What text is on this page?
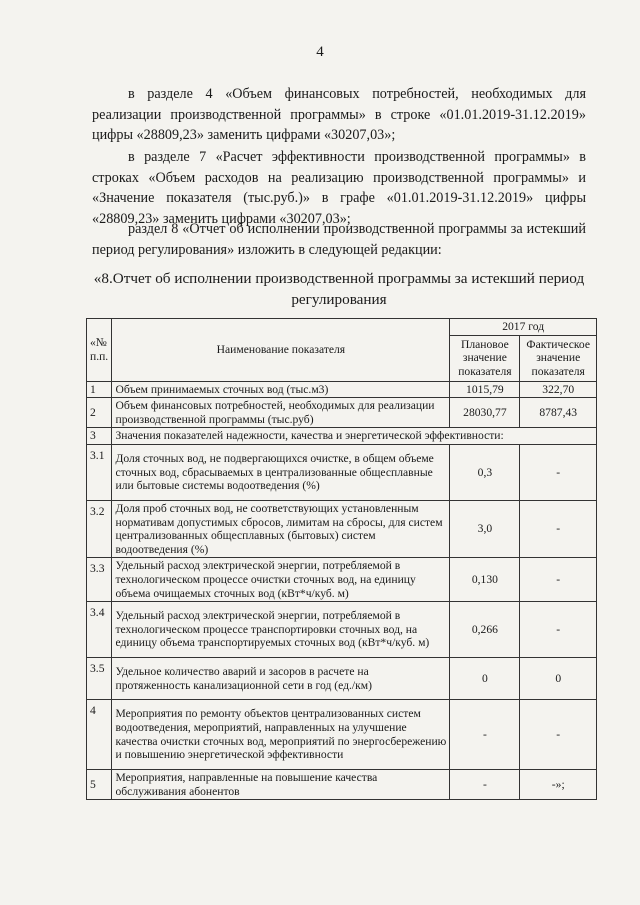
4
в разделе 4 «Объем финансовых потребностей, необходимых для реализации производственной программы» в строке «01.01.2019-31.12.2019» цифры «28809,23» заменить цифрами «30207,03»;
в разделе 7 «Расчет эффективности производственной программы» в строках «Объем расходов на реализацию производственной программы» и «Значение показателя (тыс.руб.)» в графе «01.01.2019-31.12.2019» цифры «28809,23» заменить цифрами «30207,03»;
раздел 8 «Отчет об исполнении производственной программы за истекший период регулирования» изложить в следующей редакции:
«8.Отчет об исполнении производственной программы за истекший период регулирования
«№ п.п.	Наименование показателя	2017 год	
		Плановое значение показателя	Фактическое значение показателя
1	Объем принимаемых сточных вод (тыс.м3)	1015,79	322,70
2	Объем финансовых потребностей, необходимых для реализации производственной программы (тыс.руб)	28030,77	8787,43
3	Значения показателей надежности, качества и энергетической эффективности:		
3.1	Доля сточных вод, не подвергающихся очистке, в общем объеме сточных вод, сбрасываемых в централизованные общесплавные или бытовые системы водоотведения (%)	0,3	-
3.2	Доля проб сточных вод, не соответствующих установленным нормативам допустимых сбросов, лимитам на сбросы, для систем централизованных общесплавных (бытовых) систем водоотведения (%)	3,0	-
3.3	Удельный расход электрической энергии, потребляемой в технологическом процессе очистки сточных вод, на единицу объема очищаемых сточных вод (кВт*ч/куб. м)	0,130	-
3.4	Удельный расход электрической энергии, потребляемой в технологическом процессе транспортировки сточных вод, на единицу объема транспортируемых сточных вод (кВт*ч/куб. м)	0,266	-
3.5	Удельное количество аварий и засоров в расчете на протяженность канализационной сети в год (ед./км)	0	0
4	Мероприятия по ремонту объектов централизованных систем водоотведения, мероприятий, направленных на улучшение качества очистки сточных вод, мероприятий по энергосбережению и повышению энергетической эффективности	-	-
5	Мероприятия, направленные на повышение качества обслуживания абонентов	-	-»;
